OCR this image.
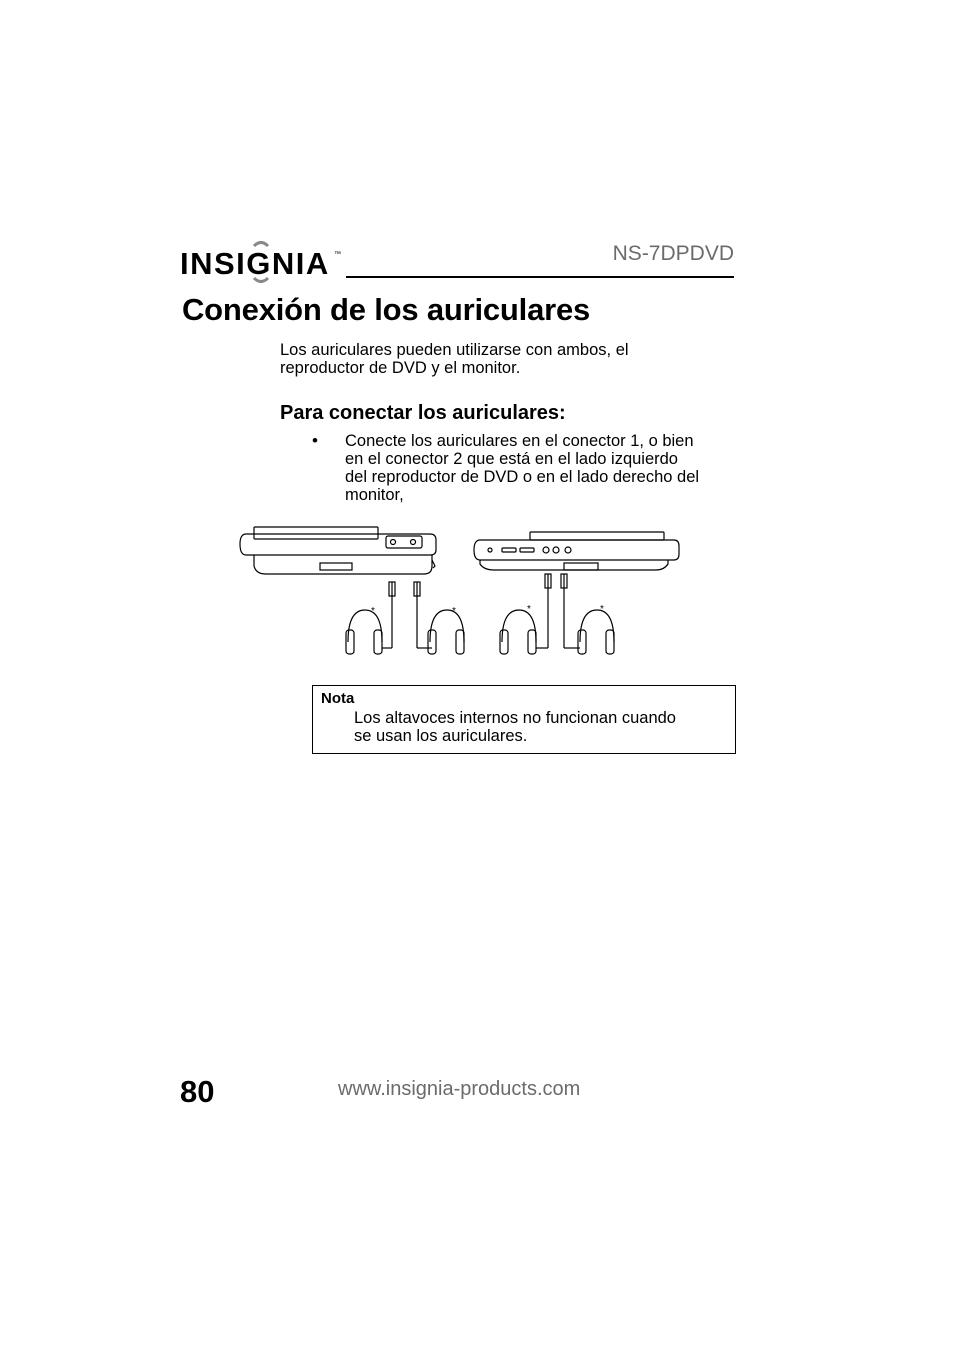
INSIGNIA ™	NS-7DPDVD
Conexión de los auriculares
Los auriculares pueden utilizarse con ambos, el
reproductor de DVD y el monitor.
Para conectar los auriculares:
• Conecte los auriculares en el conector 1, o bien
en el conector 2 que está en el lado izquierdo
del reproductor de DVD o en el lado derecho del
monitor,
*	*	*	*
Nota
Los altavoces internos no funcionan cuando
se usan los auriculares.
80	www.insignia-products.com
